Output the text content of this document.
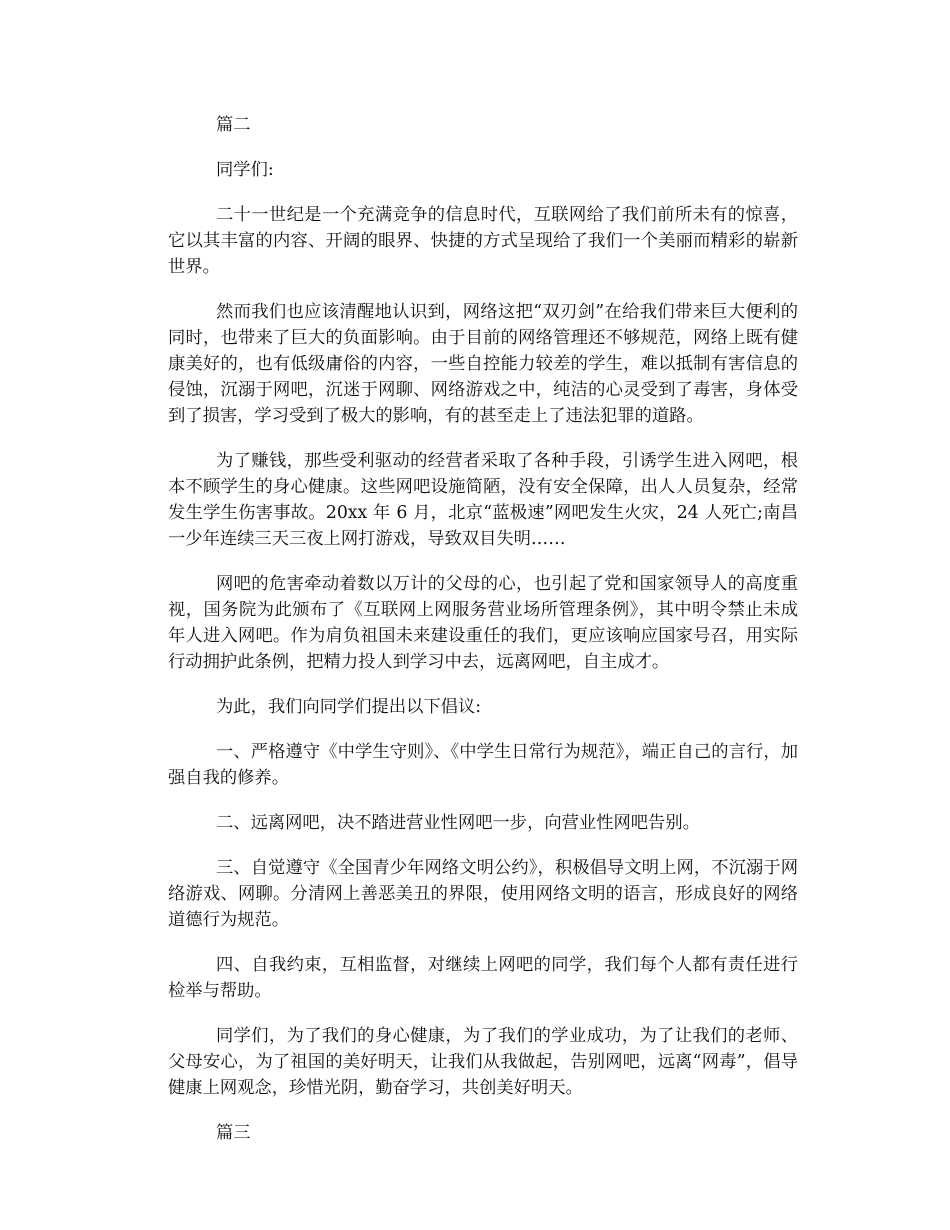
篇二

同学们:

二十一世纪是一个充满竞争的信息时代，互联网给了我们前所未有的惊喜，它以其丰富的内容、开阔的眼界、快捷的方式呈现给了我们一个美丽而精彩的崭新世界。

然而我们也应该清醒地认识到，网络这把“双刃剑”在给我们带来巨大便利的同时，也带来了巨大的负面影响。由于目前的网络管理还不够规范，网络上既有健康美好的，也有低级庸俗的内容，一些自控能力较差的学生，难以抵制有害信息的侵蚀，沉溺于网吧，沉迷于网聊、网络游戏之中，纯洁的心灵受到了毒害，身体受到了损害，学习受到了极大的影响，有的甚至走上了违法犯罪的道路。

为了赚钱，那些受利驱动的经营者采取了各种手段，引诱学生进入网吧，根本不顾学生的身心健康。这些网吧设施简陋，没有安全保障，出人人员复杂，经常发生学生伤害事故。20xx 年 6 月，北京“蓝极速”网吧发生火灾，24 人死亡;南昌一少年连续三天三夜上网打游戏，导致双目失明……

网吧的危害牵动着数以万计的父母的心，也引起了党和国家领导人的高度重视，国务院为此颁布了《互联网上网服务营业场所管理条例》，其中明令禁止未成年人进入网吧。作为肩负祖国未来建设重任的我们，更应该响应国家号召，用实际行动拥护此条例，把精力投人到学习中去，远离网吧，自主成才。

为此，我们向同学们提出以下倡议:

一、严格遵守《中学生守则》、《中学生日常行为规范》，端正自己的言行，加强自我的修养。

二、远离网吧，决不踏进营业性网吧一步，向营业性网吧告别。

三、自觉遵守《全国青少年网络文明公约》，积极倡导文明上网，不沉溺于网络游戏、网聊。分清网上善恶美丑的界限，使用网络文明的语言，形成良好的网络道德行为规范。

四、自我约束，互相监督，对继续上网吧的同学，我们每个人都有责任进行检举与帮助。

同学们，为了我们的身心健康，为了我们的学业成功，为了让我们的老师、父母安心，为了祖国的美好明天，让我们从我做起，告别网吧，远离“网毒”，倡导健康上网观念，珍惜光阴，勤奋学习，共创美好明天。

篇三
